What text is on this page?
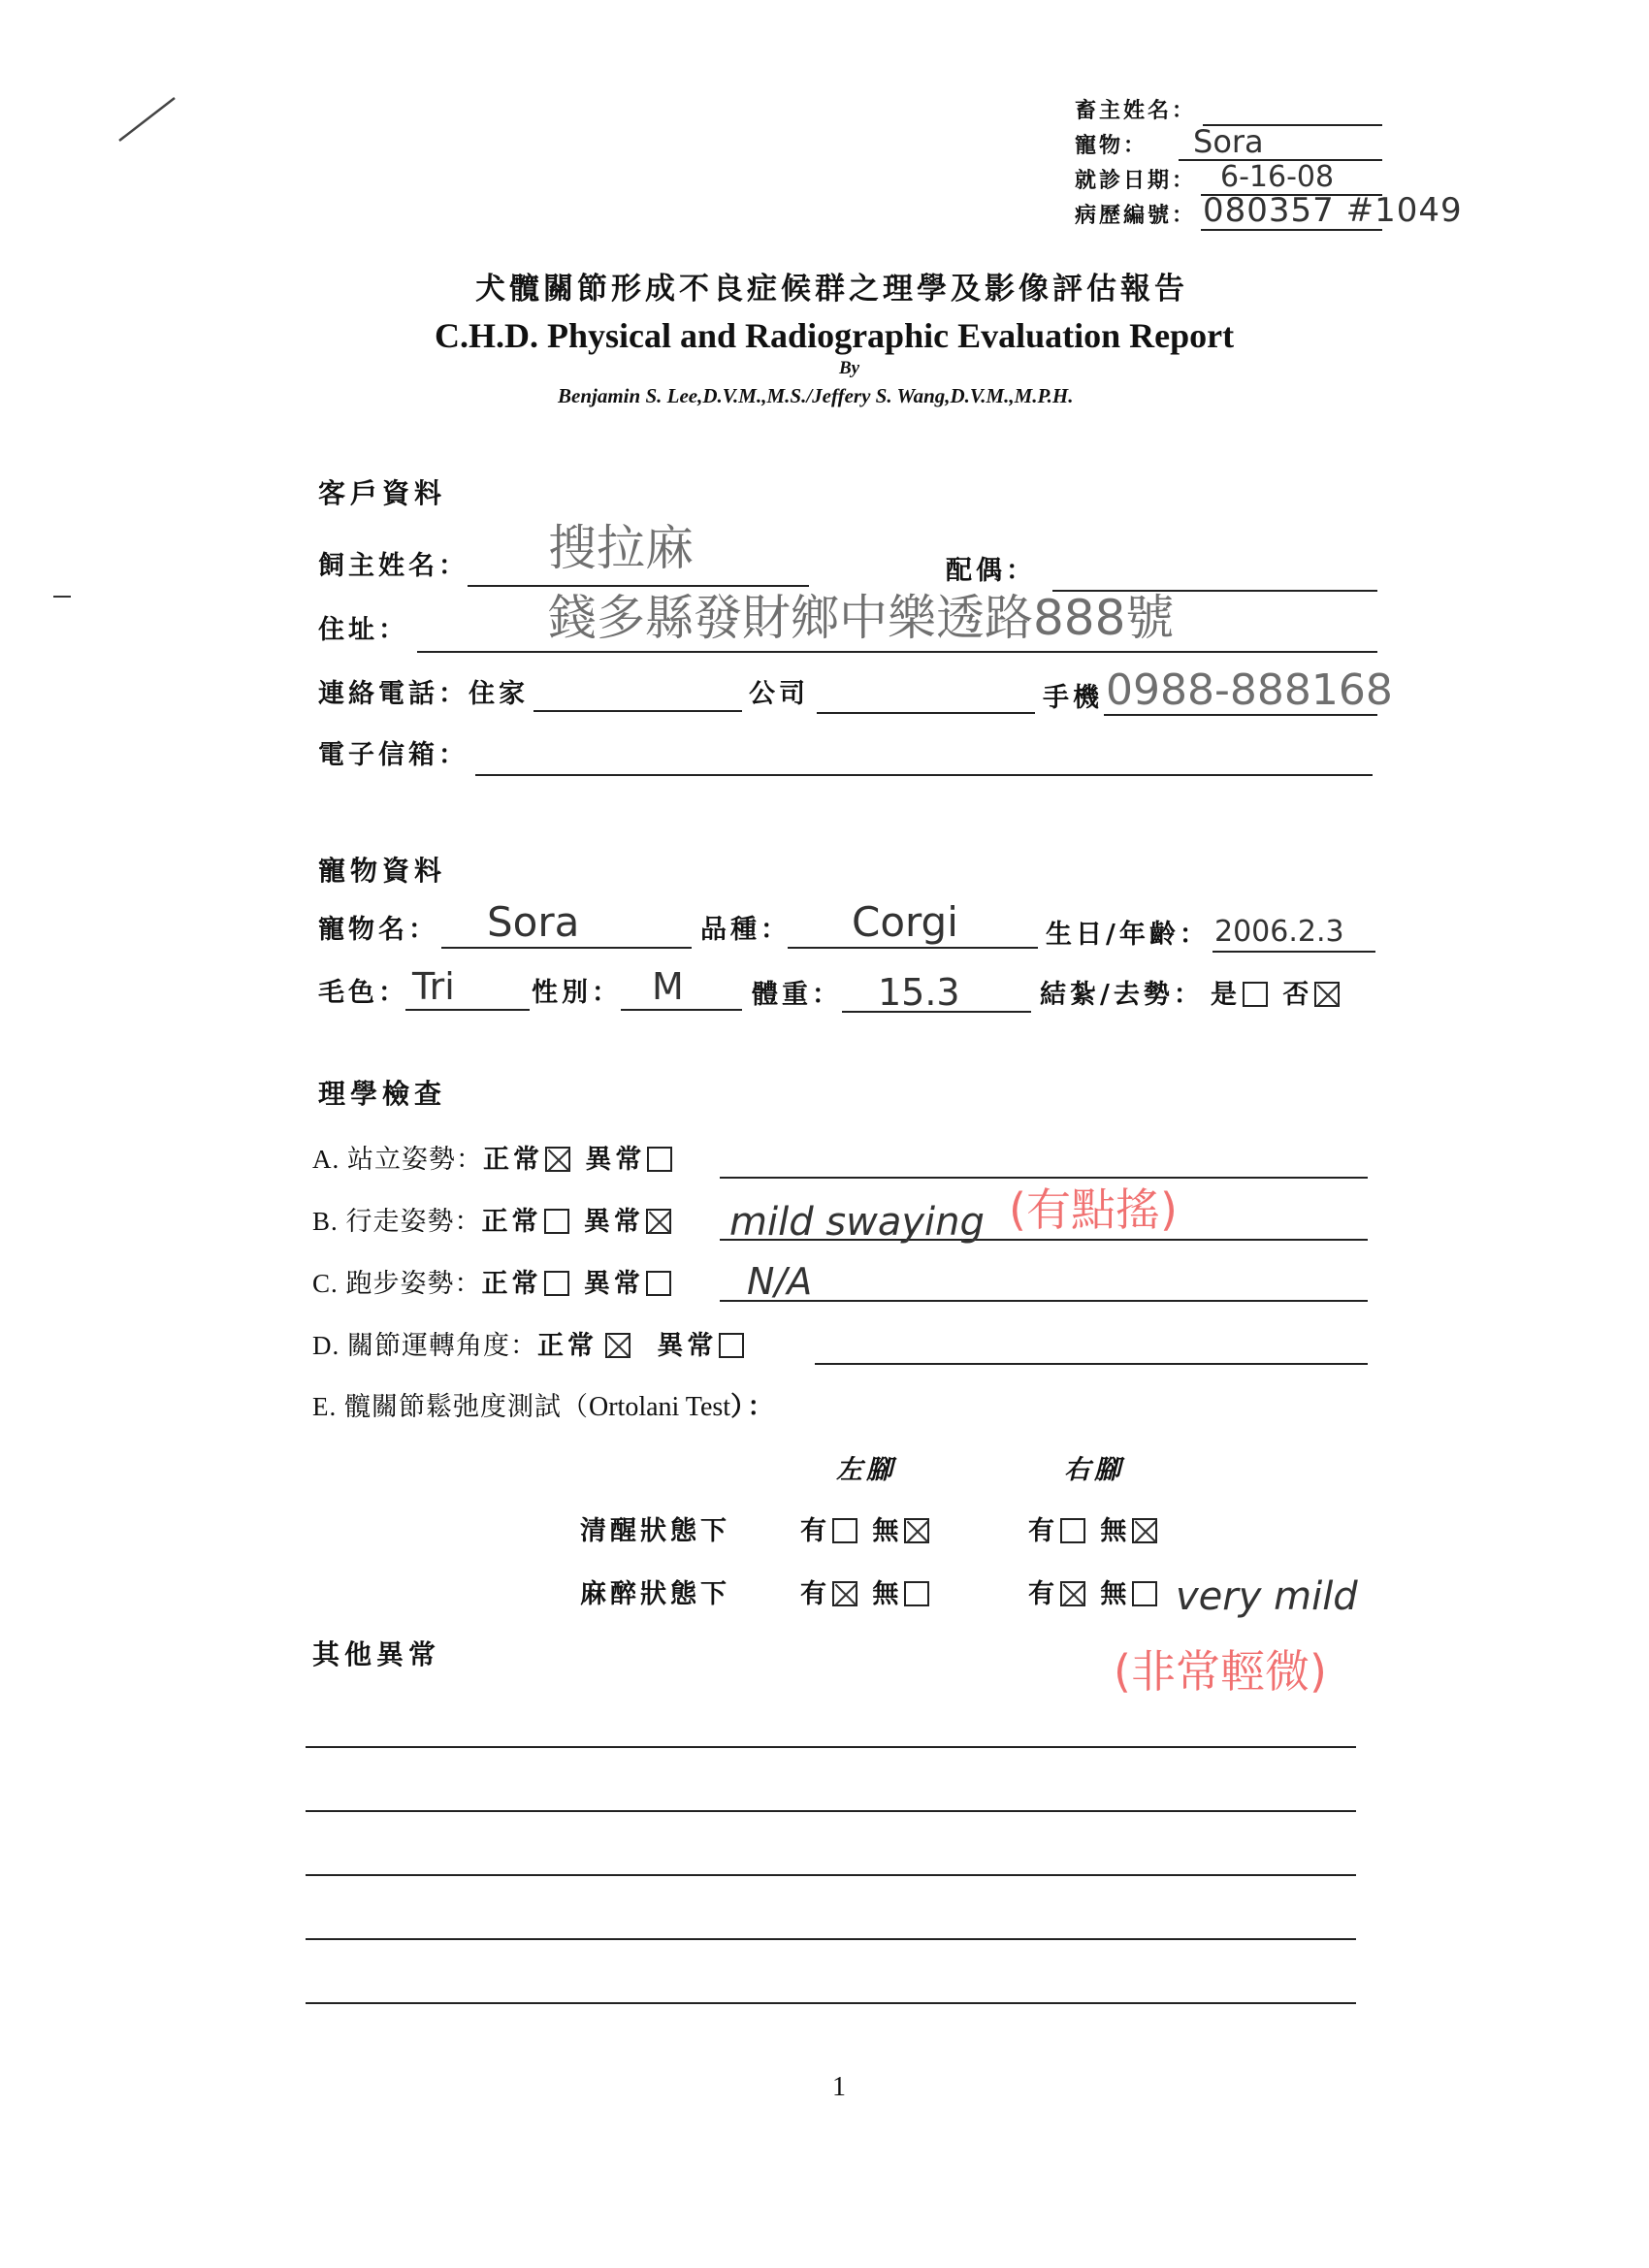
畜主姓名：
寵物： Sora
就診日期： 6-16-08
病歷編號： 080357 #1049
犬髖關節形成不良症候群之理學及影像評估報告
C.H.D. Physical and Radiographic Evaluation Report
By
Benjamin S. Lee,D.V.M.,M.S./Jeffery S. Wang,D.V.M.,M.P.H.
客戶資料
飼主姓名： 搜拉麻	配偶：
住址：	錢多縣發財鄉中樂透路888號
連絡電話：住家	公司	手機 0988-888168
電子信箱：
寵物資料
寵物名： Sora	品種： Corgi	生日/年齡： 2006.2.3
毛色： Tri	性別： M	體重： 15.3	結紮/去勢： 是 否
理學檢查
A. 站立姿勢：正常 異常
B. 行走姿勢：正常 異常	mild swaying (有點搖)
C. 跑步姿勢：正常 異常	N/A
D. 關節運轉角度：正常 異常
E. 髖關節鬆弛度測試（Ortolani Test）：
左腳	右腳
清醒狀態下	有 無	有 無
麻醉狀態下	有 無	有 無	very mild
(非常輕微)
其他異常
1
